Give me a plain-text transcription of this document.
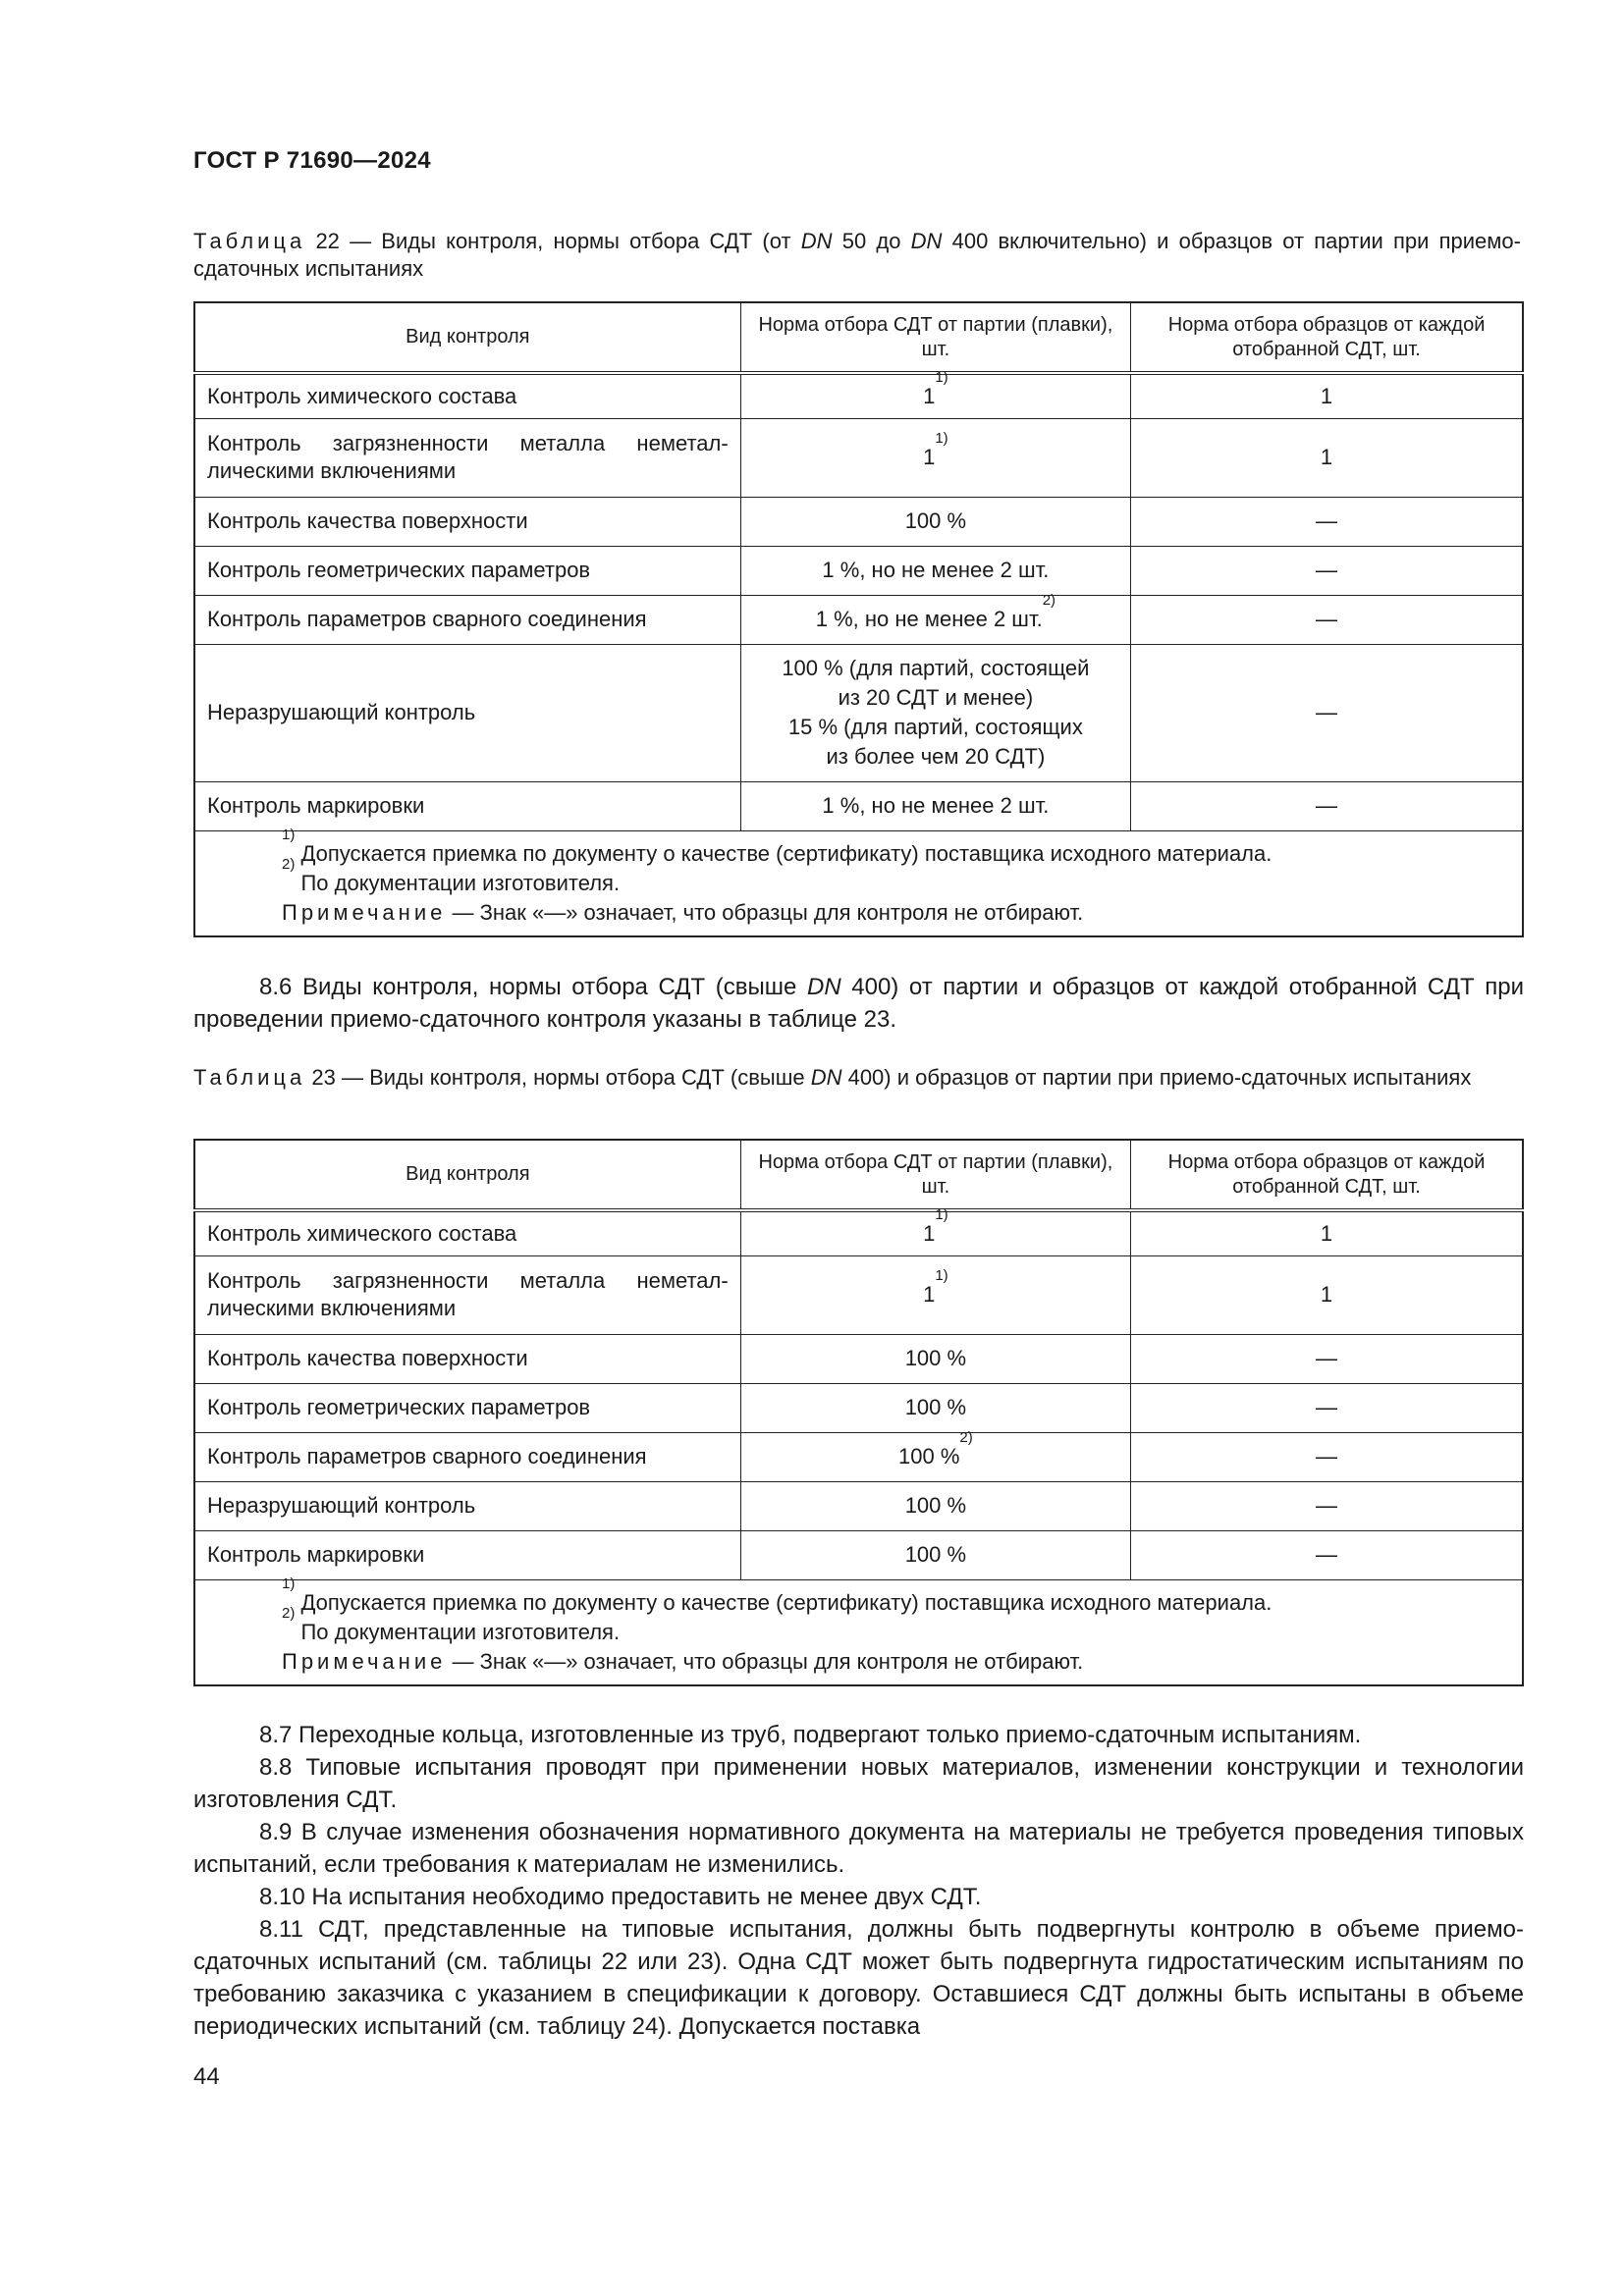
ГОСТ Р 71690—2024
Таблица 22 — Виды контроля, нормы отбора СДТ (от DN 50 до DN 400 включительно) и образцов от партии при приемо-сдаточных испытаниях
Вид контроля	Норма отбора СДТ от партии (плавки), шт.	Норма отбора образцов от каждой отобранной СДТ, шт.
Контроль химического состава	1$^{1)}$	1
Контроль загрязненности металла неметал-лическими включениями	1$^{1)}$	1
Контроль качества поверхности	100 %	—
Контроль геометрических параметров	1 %, но не менее 2 шт.	—
Контроль параметров сварного соединения	1 %, но не менее 2 шт.$^{2)}$	—
Неразрушающий контроль	100 % (для партий, состоящей
из 20 СДТ и менее)
15 % (для партий, состоящих
из более чем 20 СДТ)	—
Контроль маркировки	1 %, но не менее 2 шт.	—

$^{1)}$ Допускается приемка по документу о качестве (сертификату) поставщика исходного материала.
$^{2)}$ По документации изготовителя.
Примечание — Знак «—» означает, что образцы для контроля не отбирают.		

8.6 Виды контроля, нормы отбора СДТ (свыше DN 400) от партии и образцов от каждой отобранной СДТ при проведении приемо-сдаточного контроля указаны в таблице 23.

Таблица 23 — Виды контроля, нормы отбора СДТ (свыше DN 400) и образцов от партии при приемо-сдаточных испытаниях
Вид контроля	Норма отбора СДТ от партии (плавки), шт.	Норма отбора образцов от каждой отобранной СДТ, шт.
Контроль химического состава	1$^{1)}$	1
Контроль загрязненности металла неметал-лическими включениями	1$^{1)}$	1
Контроль качества поверхности	100 %	—
Контроль геометрических параметров	100 %	—
Контроль параметров сварного соединения	100 %$^{2)}$	—
Неразрушающий контроль	100 %	—
Контроль маркировки	100 %	—

$^{1)}$ Допускается приемка по документу о качестве (сертификату) поставщика исходного материала.
$^{2)}$ По документации изготовителя.
Примечание — Знак «—» означает, что образцы для контроля не отбирают.		

8.7 Переходные кольца, изготовленные из труб, подвергают только приемо-сдаточным испытаниям.

8.8 Типовые испытания проводят при применении новых материалов, изменении конструкции и технологии изготовления СДТ.

8.9 В случае изменения обозначения нормативного документа на материалы не требуется проведения типовых испытаний, если требования к материалам не изменились.

8.10 На испытания необходимо предоставить не менее двух СДТ.

8.11 СДТ, представленные на типовые испытания, должны быть подвергнуты контролю в объеме приемо-сдаточных испытаний (см. таблицы 22 или 23). Одна СДТ может быть подвергнута гидростатическим испытаниям по требованию заказчика с указанием в спецификации к договору. Оставшиеся СДТ должны быть испытаны в объеме периодических испытаний (см. таблицу 24). Допускается поставка

44
